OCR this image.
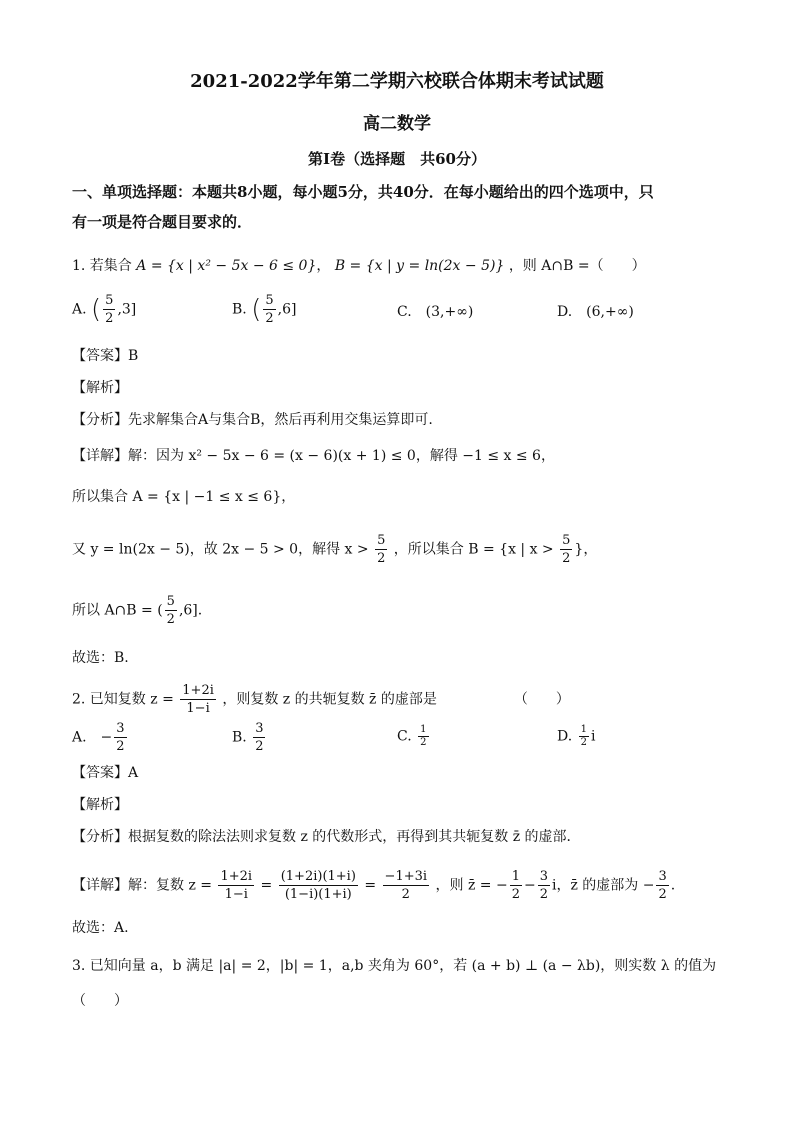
2021-2022学年第二学期六校联合体期末考试试题
高二数学
第I卷（选择题　共60分）
一、单项选择题：本题共8小题，每小题5分，共40分．在每小题给出的四个选项中，只
有一项是符合题目要求的．
1. 若集合 A = {x | x² − 5x − 6 ≤ 0}， B = {x | y = ln(2x − 5)} ，则 A∩B =（　　）
A. ( $\frac{5}{2} ,3$]	B. ( $\frac{5}{2} ,6$]	C.　(3,+∞)	D.　(6,+∞)
【答案】B
【解析】
【分析】先求解集合A与集合B，然后再利用交集运算即可.
【详解】解：因为 x² − 5x − 6 = (x − 6)(x + 1) ≤ 0，解得 −1 ≤ x ≤ 6，
所以集合 A = {x | −1 ≤ x ≤ 6}，
又 y = ln(2x − 5)，故 2x − 5 > 0，解得 $x > \frac{5}{2}$ ，所以集合 B = {x | $x > \frac{5}{2}$ }，
所以 A∩B = ( $\frac{5}{2} ,6$].
故选：B.
2. 已知复数 $z = \frac{1+2i}{1-i}$ ，则复数 z 的共轭复数 z̄ 的虚部是　　　　　　（　　）
A.　− $\frac{3}{2}$	B. $\frac{3}{2}$	C. $\frac{1}{2}$	D. $\frac{1}{2}$ i
【答案】A
【解析】
【分析】根据复数的除法法则求复数 z 的代数形式，再得到其共轭复数 z̄ 的虚部．
【详解】解：复数 $z = \frac{1+2i}{1-i} = \frac{(1+2i)(1+i)}{(1-i)(1+i)} = \frac{-1+3i}{2}$ ，则 z̄ = − $\frac{1}{2} - \frac{3}{2}$ i，z̄ 的虚部为 − $\frac{3}{2}$ .
故选：A.
3. 已知向量 a，b 满足 |a| = 2，|b| = 1，a,b 夹角为 60°，若 (a + b) ⊥ (a − λb)，则实数 λ 的值为
（　　）
